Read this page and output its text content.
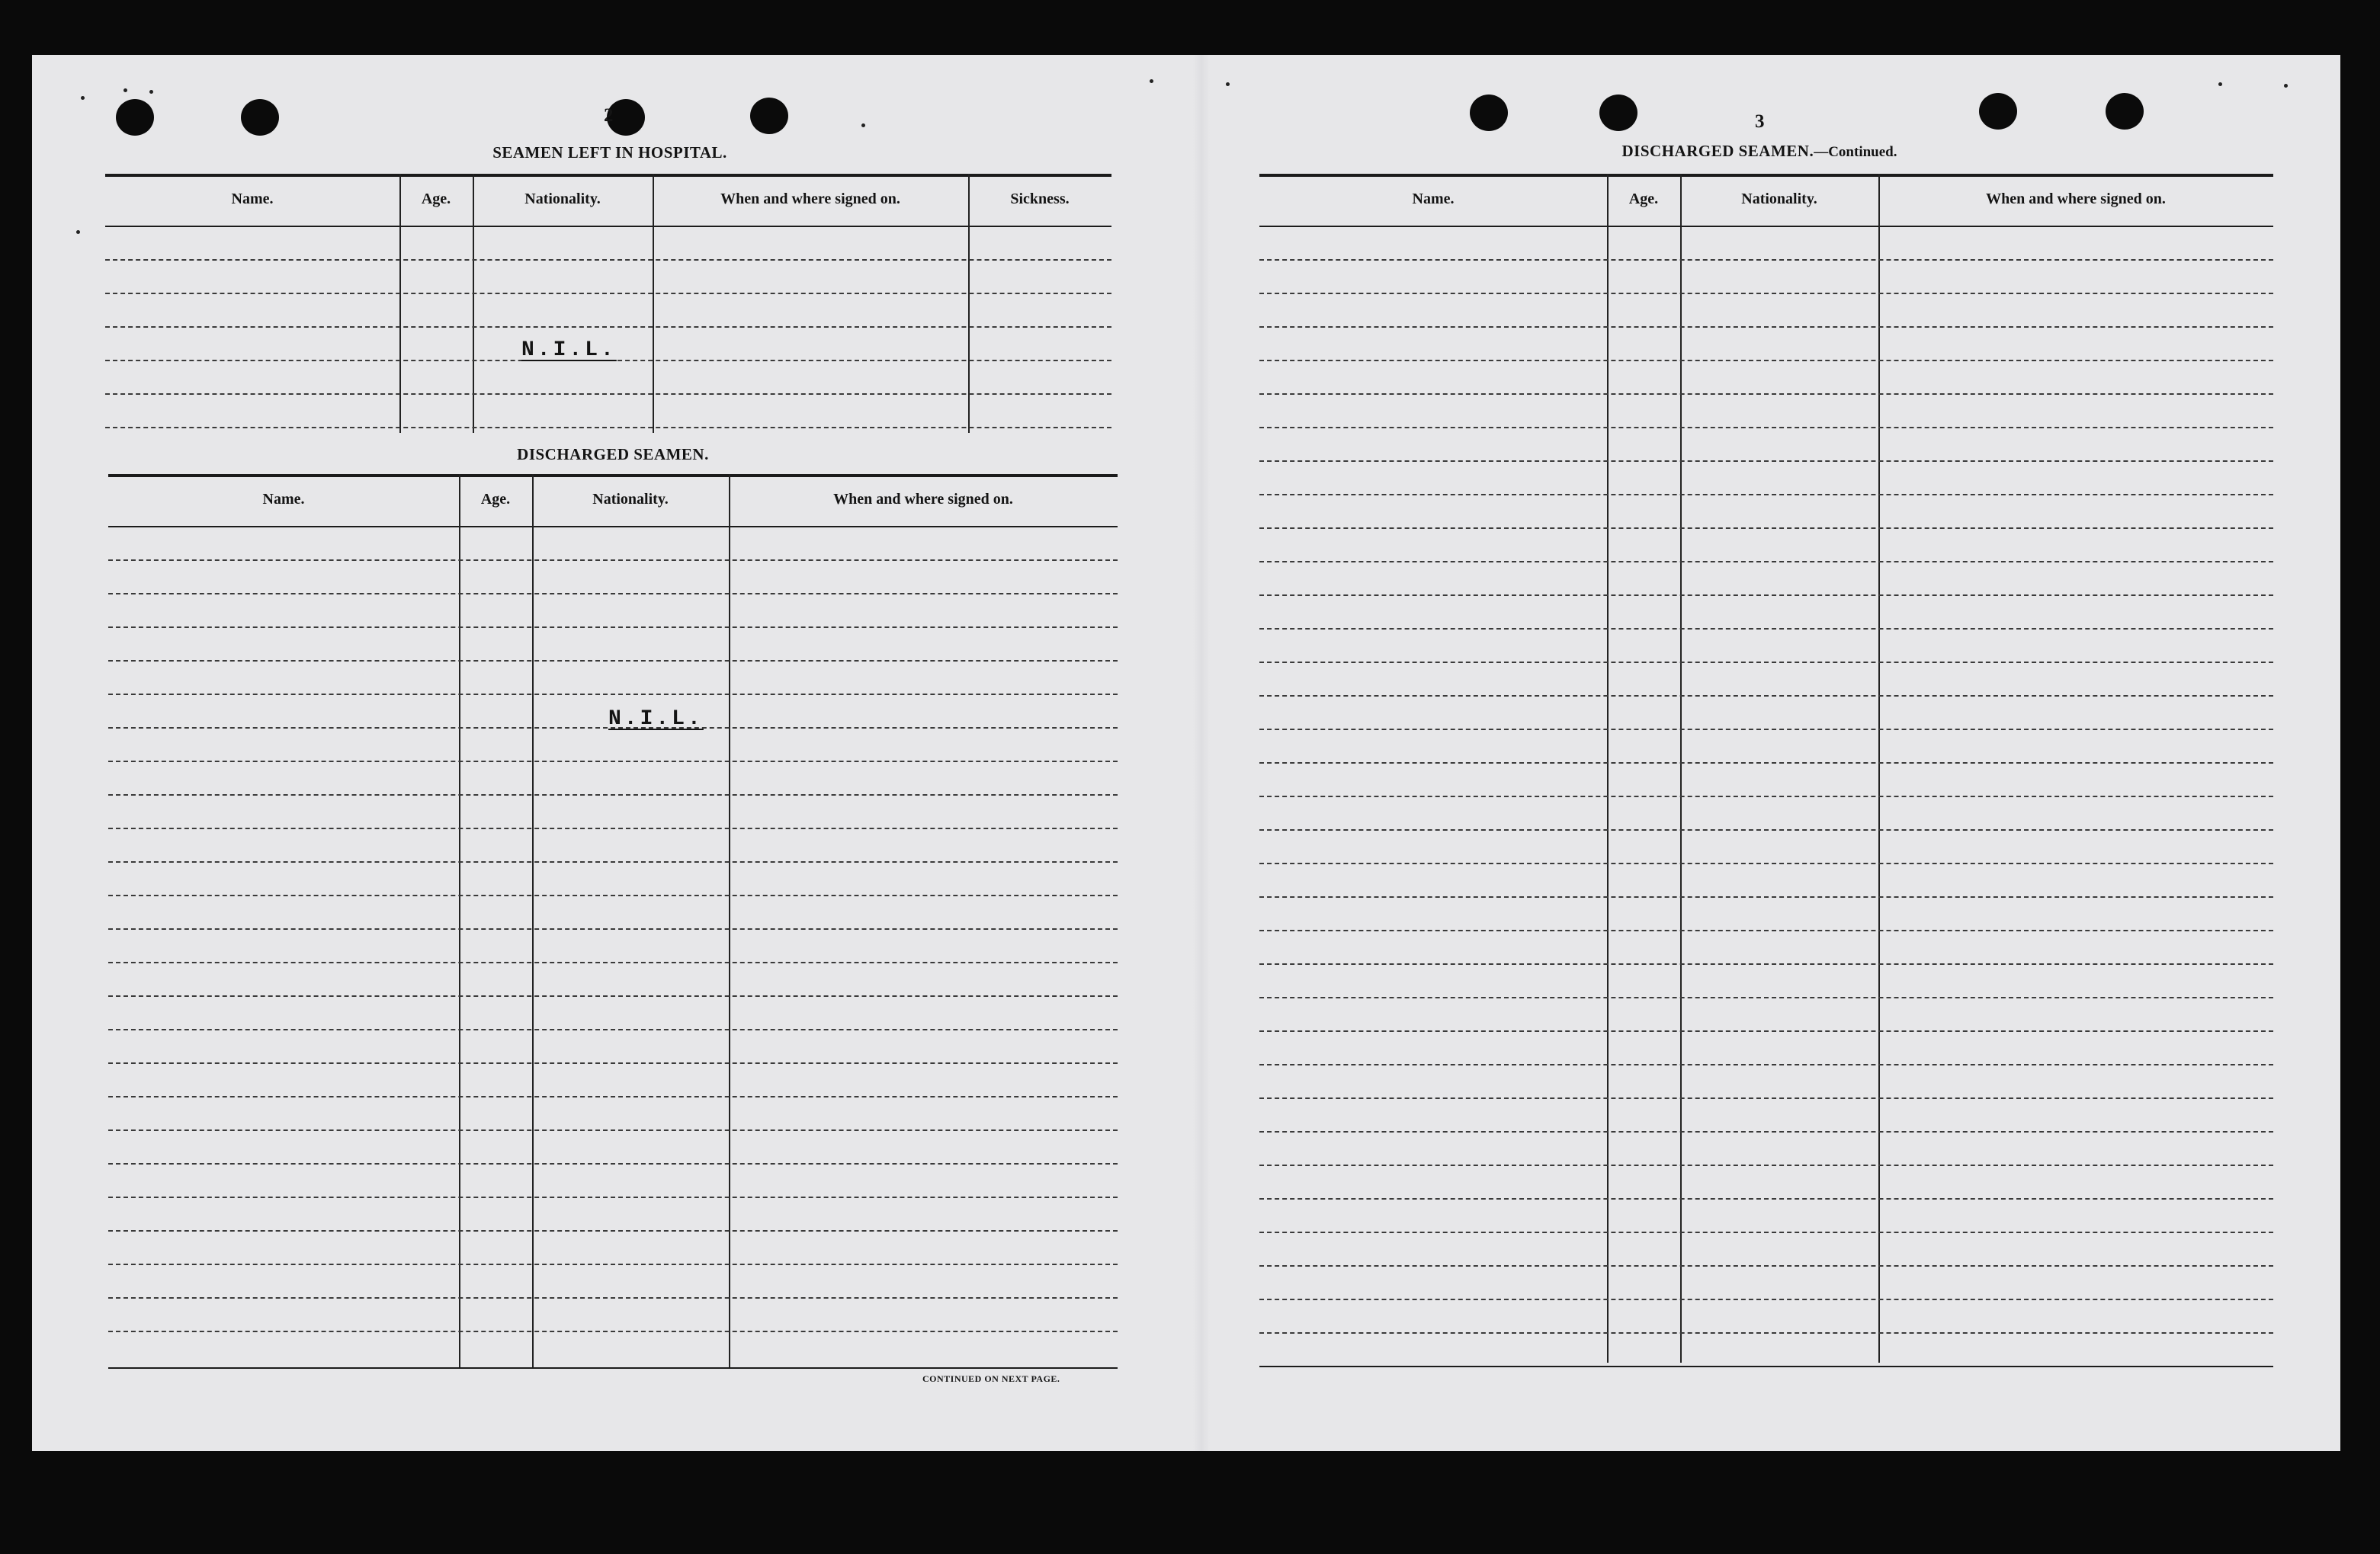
2
SEAMEN LEFT IN HOSPITAL.
Name.	Age.	Nationality.	When and where signed on.	Sickness.
N.I.L.
DISCHARGED SEAMEN.
Name.	Age.	Nationality.	When and where signed on.
N.I.L.
CONTINUED ON NEXT PAGE.
3
DISCHARGED SEAMEN.—Continued.
Name.	Age.	Nationality.	When and where signed on.
